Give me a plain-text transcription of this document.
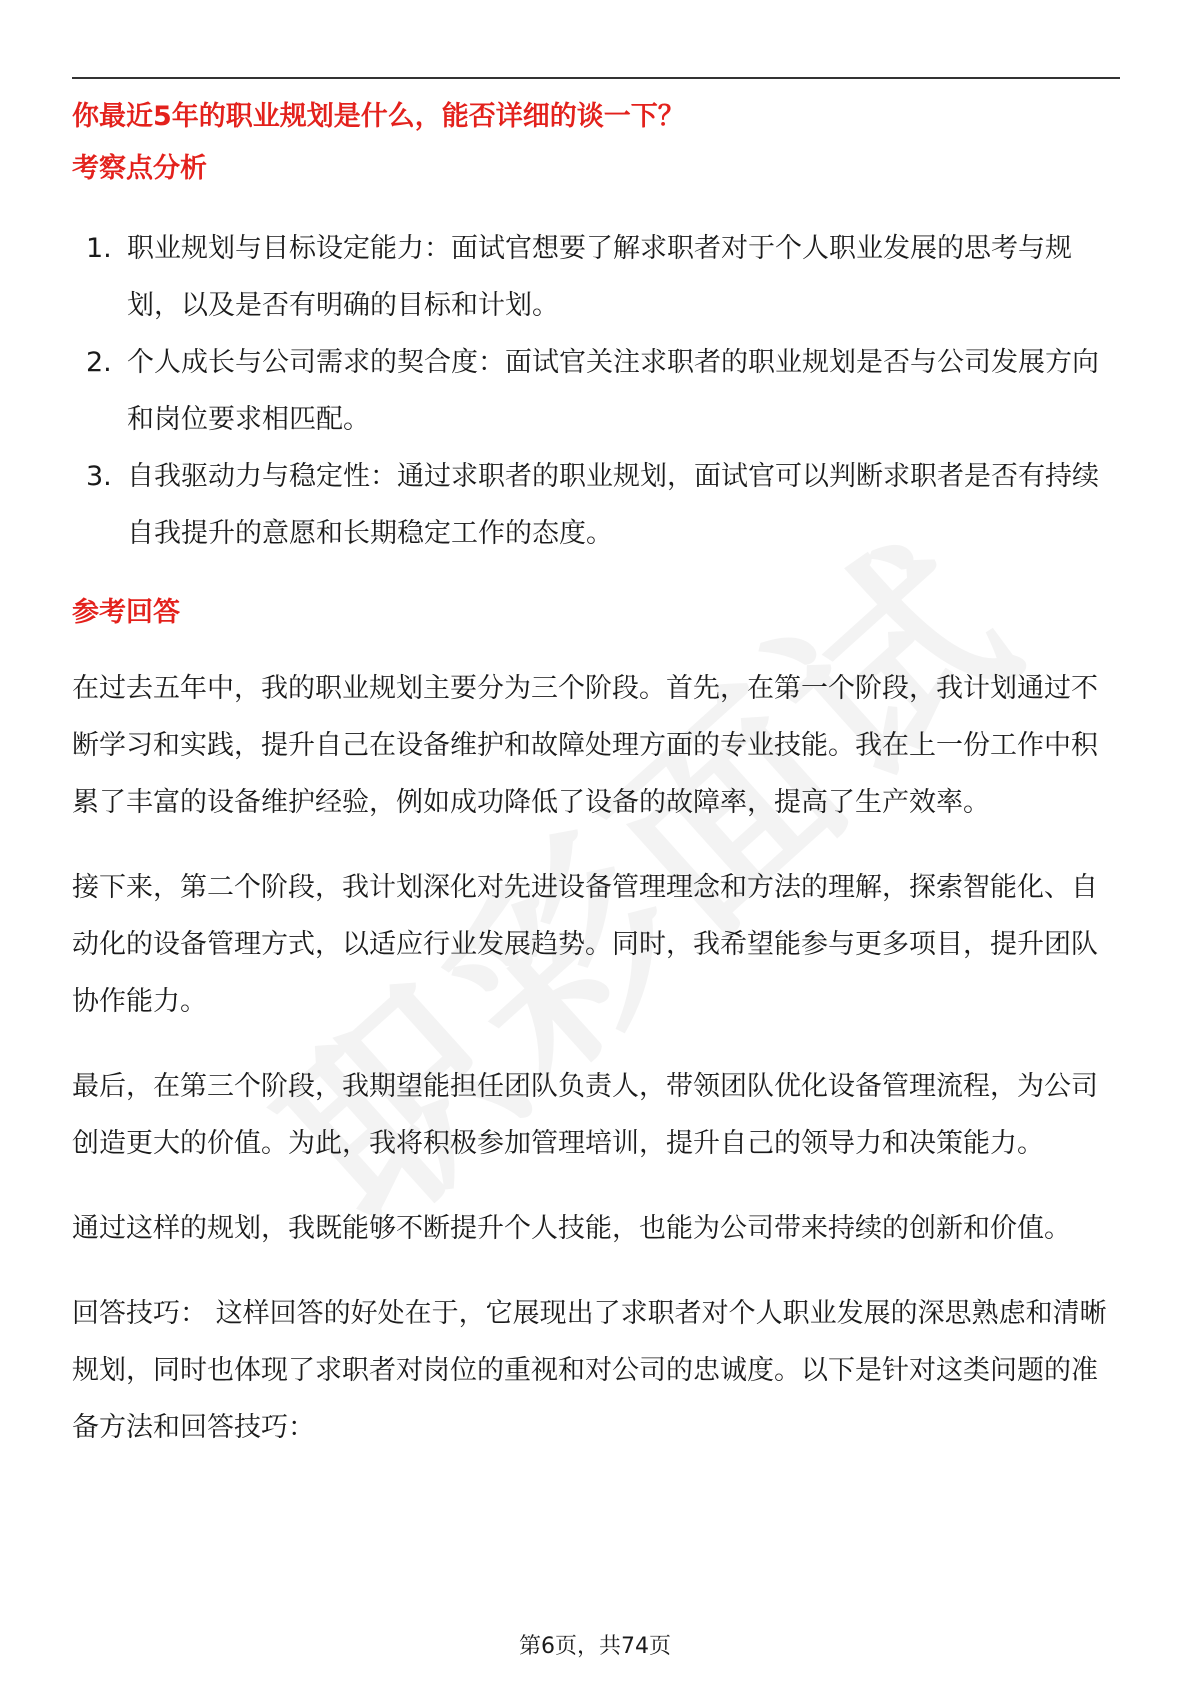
你最近5年的职业规划是什么，能否详细的谈一下？
考察点分析
1. 职业规划与目标设定能力：面试官想要了解求职者对于个人职业发展的思考与规划，以及是否有明确的目标和计划。
2. 个人成长与公司需求的契合度：面试官关注求职者的职业规划是否与公司发展方向和岗位要求相匹配。
3. 自我驱动力与稳定性：通过求职者的职业规划，面试官可以判断求职者是否有持续自我提升的意愿和长期稳定工作的态度。
参考回答

在过去五年中，我的职业规划主要分为三个阶段。首先，在第一个阶段，我计划通过不断学习和实践，提升自己在设备维护和故障处理方面的专业技能。我在上一份工作中积累了丰富的设备维护经验，例如成功降低了设备的故障率，提高了生产效率。

接下来，第二个阶段，我计划深化对先进设备管理理念和方法的理解，探索智能化、自动化的设备管理方式，以适应行业发展趋势。同时，我希望能参与更多项目，提升团队协作能力。

最后，在第三个阶段，我期望能担任团队负责人，带领团队优化设备管理流程，为公司创造更大的价值。为此，我将积极参加管理培训，提升自己的领导力和决策能力。

通过这样的规划，我既能够不断提升个人技能，也能为公司带来持续的创新和价值。

回答技巧： 这样回答的好处在于，它展现出了求职者对个人职业发展的深思熟虑和清晰规划，同时也体现了求职者对岗位的重视和对公司的忠诚度。以下是针对这类问题的准备方法和回答技巧：

第6页，共74页
